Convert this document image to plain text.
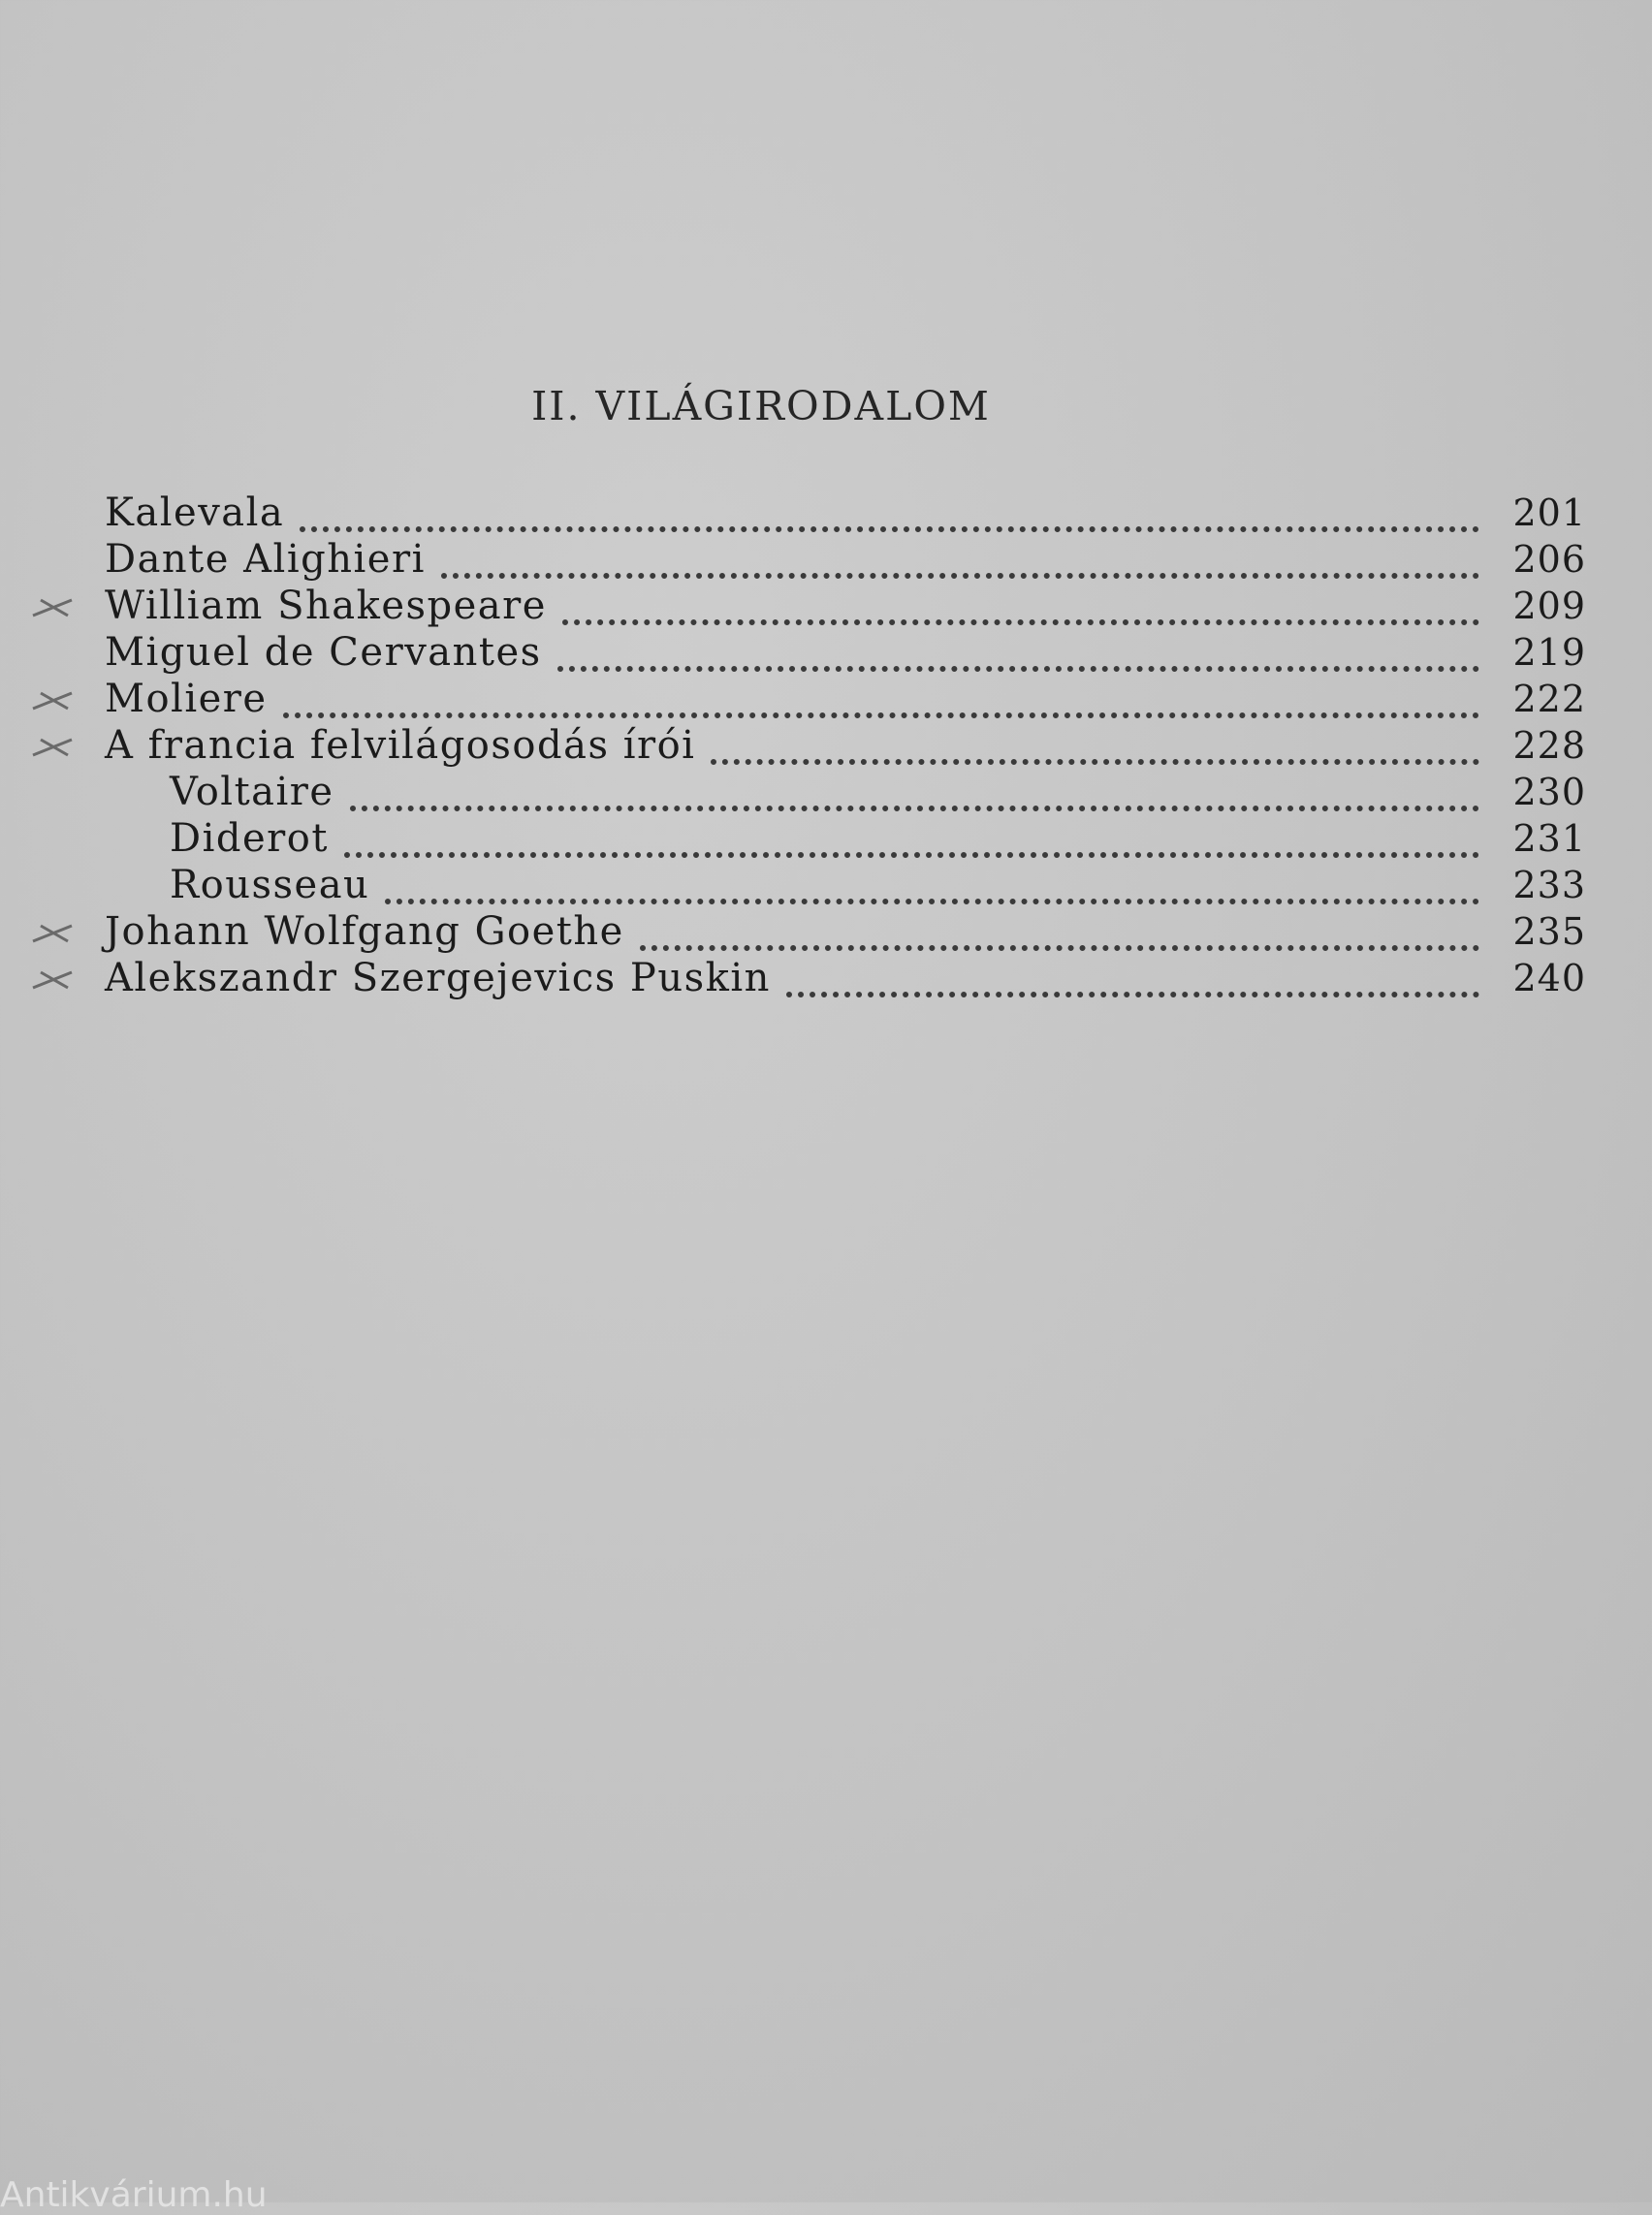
II. VILÁGIRODALOM
Kalevala	201
Dante Alighieri	206
William Shakespeare	209
Miguel de Cervantes	219
Moliere	222
A francia felvilágosodás írói	228
Voltaire	230
Diderot	231
Rousseau	233
Johann Wolfgang Goethe	235
Alekszandr Szergejevics Puskin	240
Antikvárium.hu
